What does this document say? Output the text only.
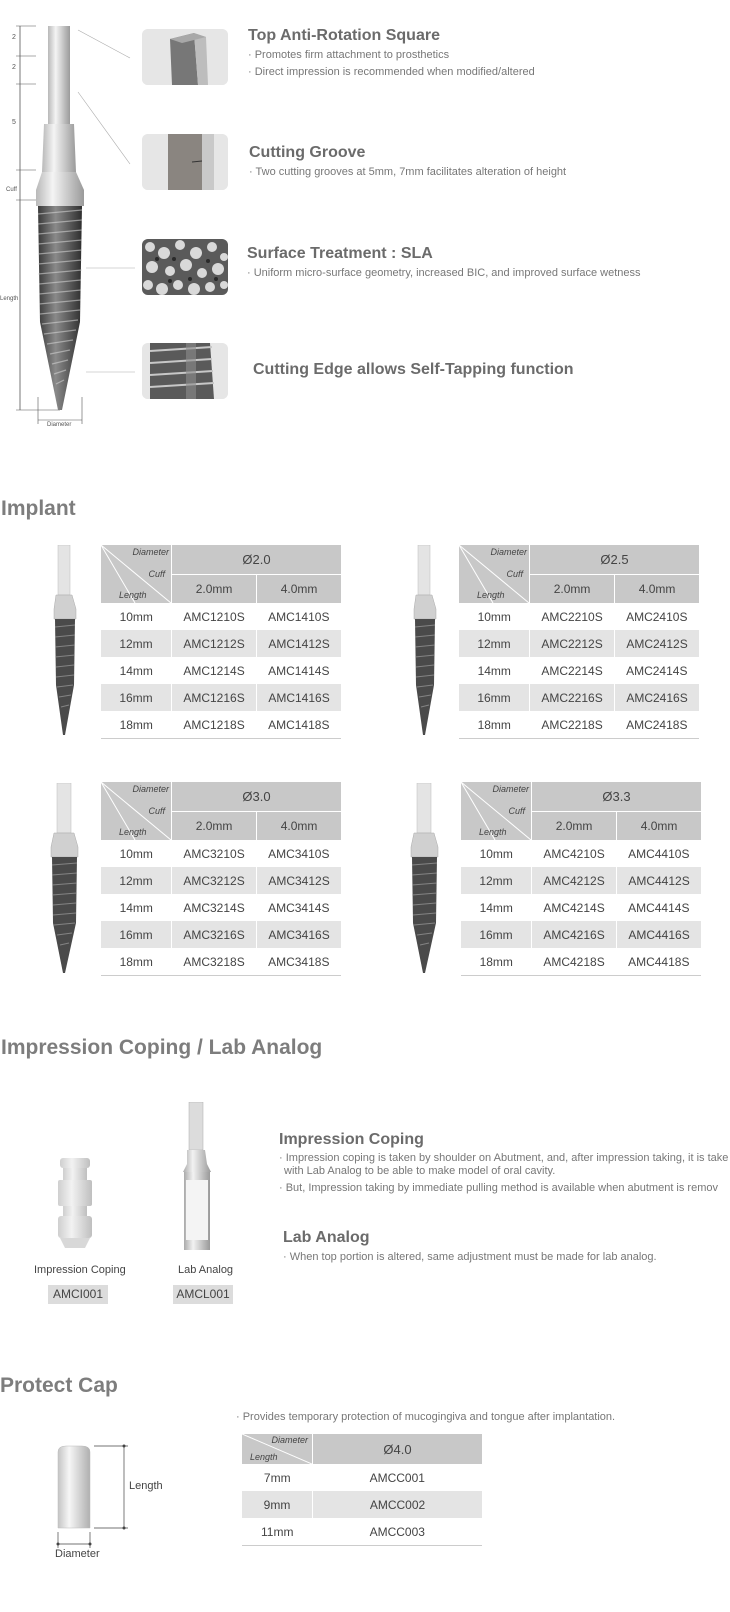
2
2
5
Cuff
Length
Diameter
Top Anti-Rotation Square
· Promotes firm attachment to prosthetics
· Direct impression is recommended when modified/altered
Cutting Groove
· Two cutting grooves at 5mm, 7mm facilitates alteration of height
Surface Treatment : SLA
· Uniform micro-surface geometry, increased BIC, and improved surface wetness
Cutting Edge allows Self-Tapping function
Implant
Diameter
Cuff
Length	Ø2.0	
	2.0mm	4.0mm
10mm	AMC1210S	AMC1410S
12mm	AMC1212S	AMC1412S
14mm	AMC1214S	AMC1414S
16mm	AMC1216S	AMC1416S
18mm	AMC1218S	AMC1418S
Diameter
Cuff
Length	Ø2.5	
	2.0mm	4.0mm
10mm	AMC2210S	AMC2410S
12mm	AMC2212S	AMC2412S
14mm	AMC2214S	AMC2414S
16mm	AMC2216S	AMC2416S
18mm	AMC2218S	AMC2418S
Diameter
Cuff
Length	Ø3.0	
	2.0mm	4.0mm
10mm	AMC3210S	AMC3410S
12mm	AMC3212S	AMC3412S
14mm	AMC3214S	AMC3414S
16mm	AMC3216S	AMC3416S
18mm	AMC3218S	AMC3418S
Diameter
Cuff
Length	Ø3.3	
	2.0mm	4.0mm
10mm	AMC4210S	AMC4410S
12mm	AMC4212S	AMC4412S
14mm	AMC4214S	AMC4414S
16mm	AMC4216S	AMC4416S
18mm	AMC4218S	AMC4418S
Impression Coping / Lab Analog
Impression Coping
AMCI001
Lab Analog
AMCL001
Impression Coping
· Impression coping is taken by shoulder on Abutment, and, after impression taking, it is take
with Lab Analog to be able to make model of oral cavity.
· But, Impression taking by immediate pulling method is available when abutment is remov
Lab Analog
· When top portion is altered, same adjustment must be made for lab analog.
Protect Cap
· Provides temporary protection of mucogingiva and tongue after implantation.
Length
Diameter
Diameter
Length	Ø4.0
7mm	AMCC001
9mm	AMCC002
11mm	AMCC003
